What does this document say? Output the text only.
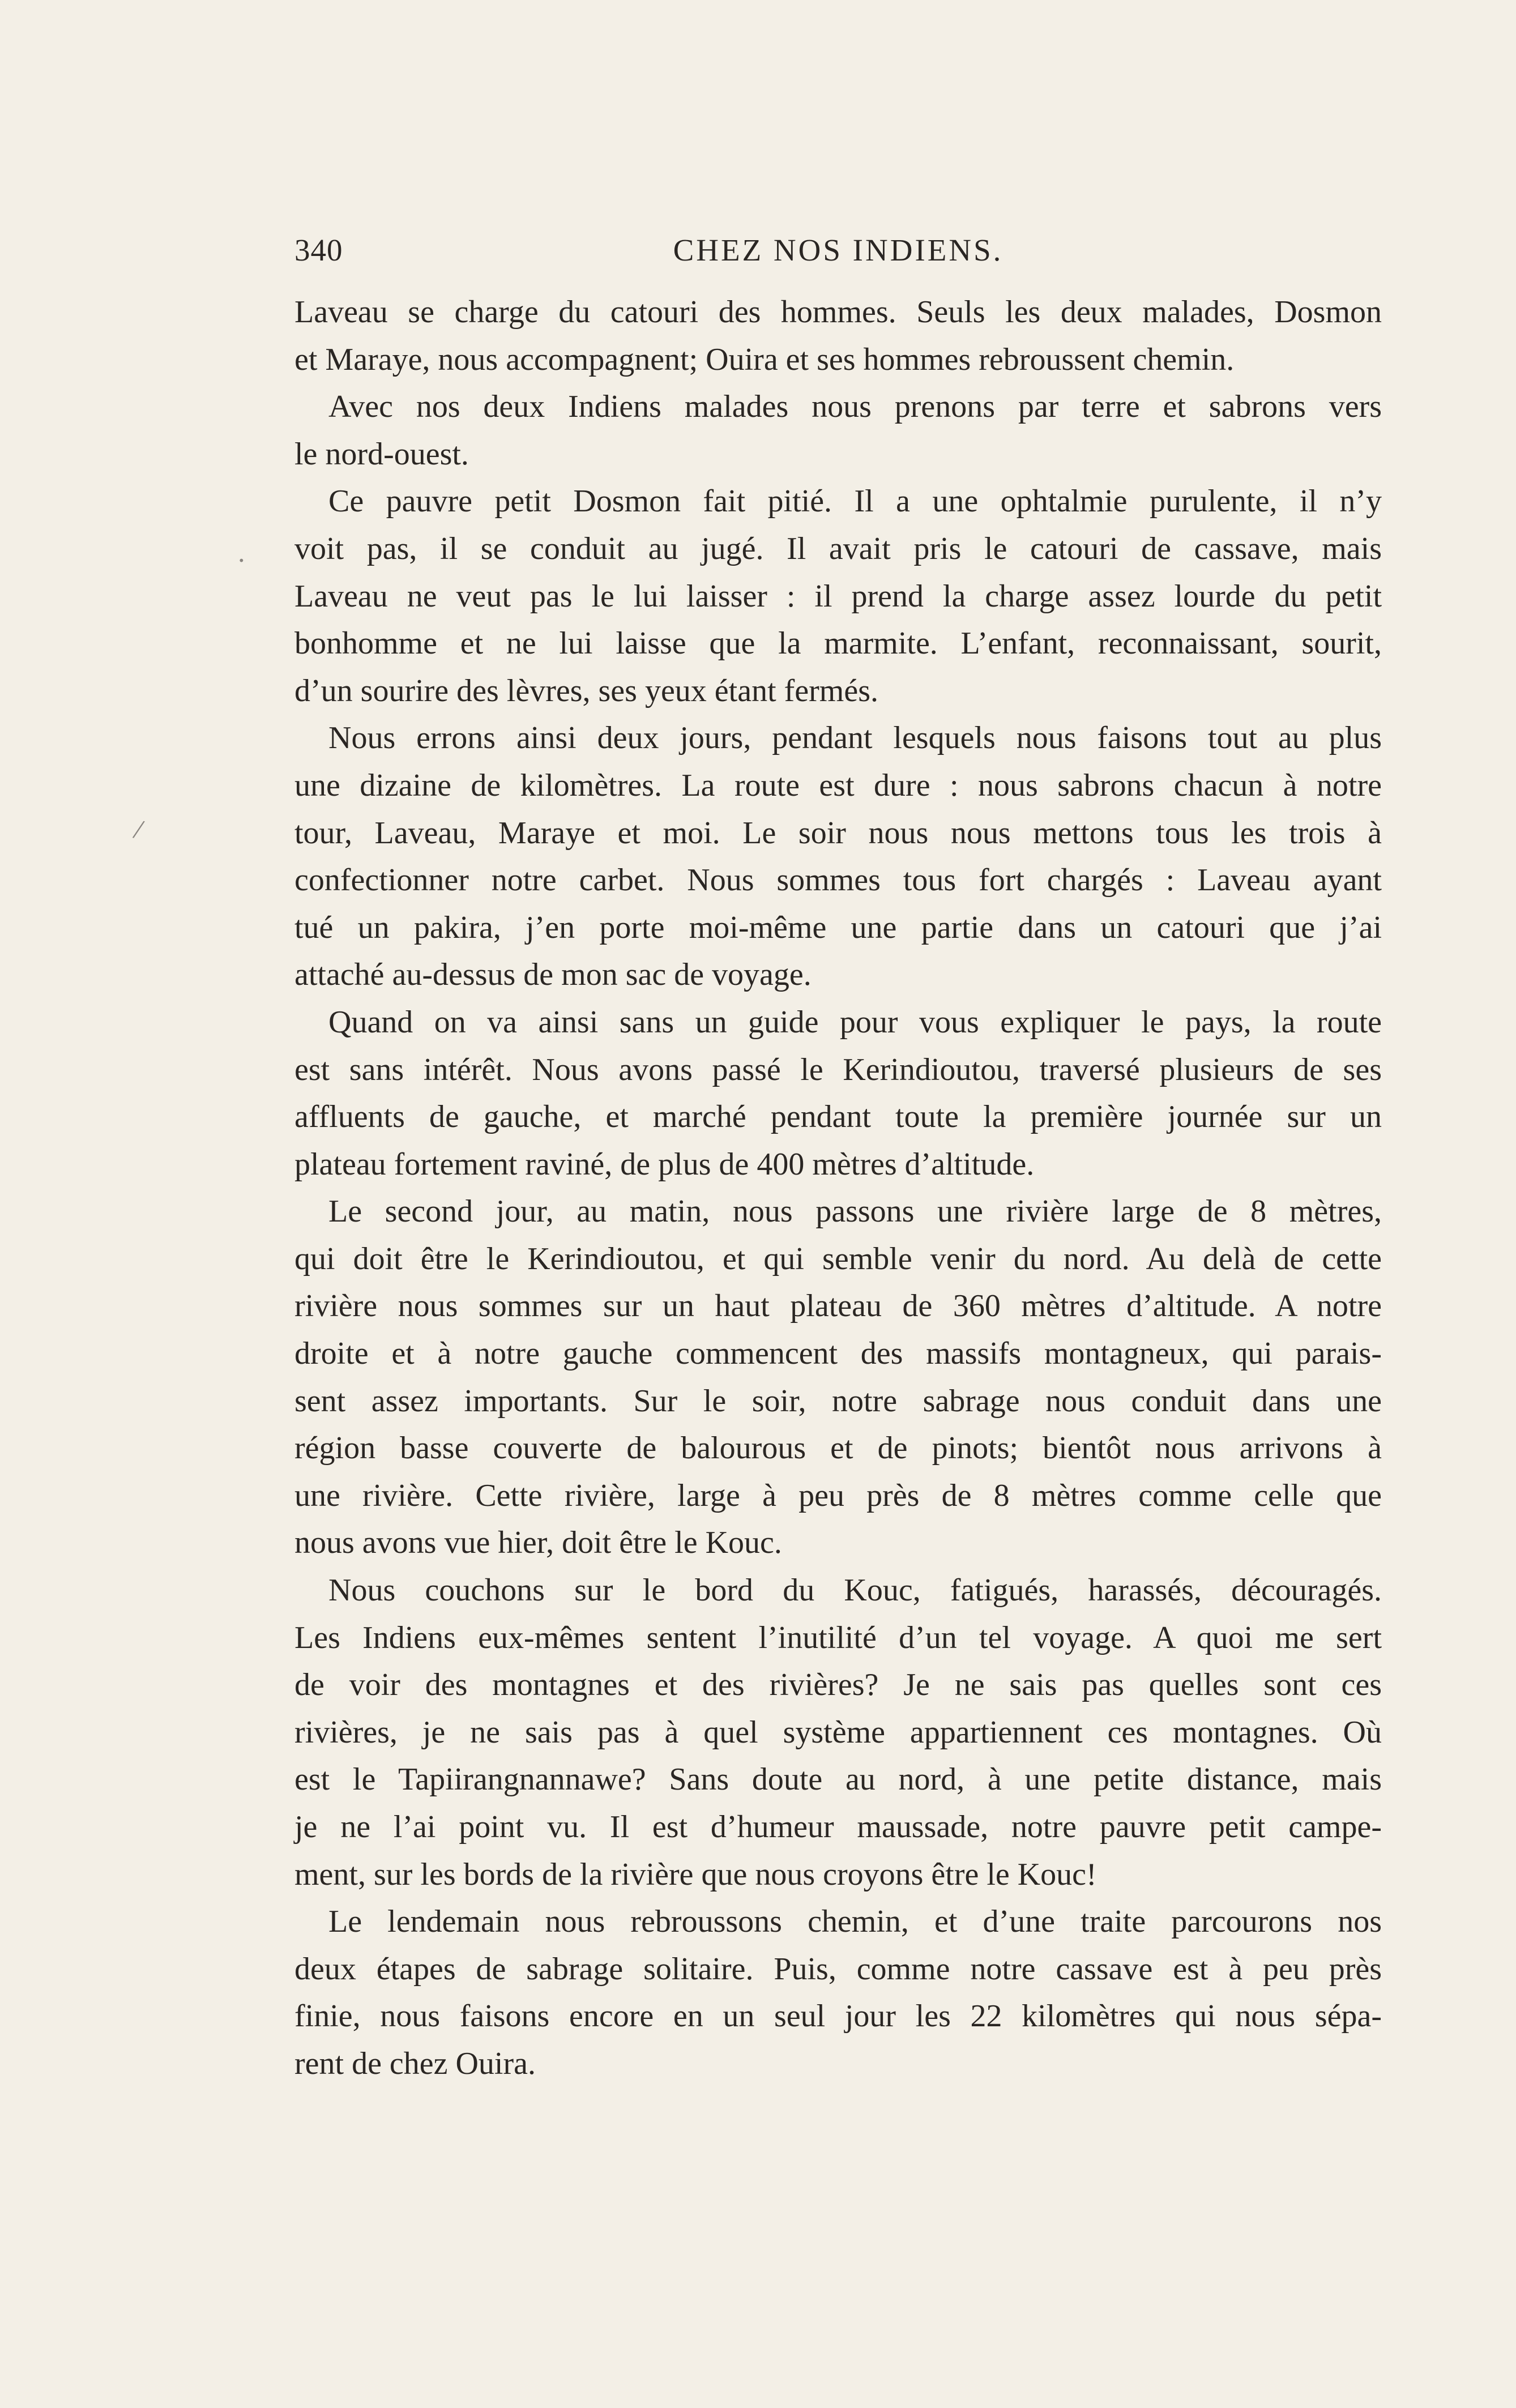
340	CHEZ NOS INDIENS.
·
/
Laveau se charge du catouri des hommes. Seuls les deux malades, Dosmon
et Maraye, nous accompagnent; Ouira et ses hommes rebroussent chemin.
Avec nos deux Indiens malades nous prenons par terre et sabrons vers
le nord-ouest.
Ce pauvre petit Dosmon fait pitié. Il a une ophtalmie purulente, il n’y
voit pas, il se conduit au jugé. Il avait pris le catouri de cassave, mais
Laveau ne veut pas le lui laisser : il prend la charge assez lourde du petit
bonhomme et ne lui laisse que la marmite. L’enfant, reconnaissant, sourit,
d’un sourire des lèvres, ses yeux étant fermés.
Nous errons ainsi deux jours, pendant lesquels nous faisons tout au plus
une dizaine de kilomètres. La route est dure : nous sabrons chacun à notre
tour, Laveau, Maraye et moi. Le soir nous nous mettons tous les trois à
confectionner notre carbet. Nous sommes tous fort chargés : Laveau ayant
tué un pakira, j’en porte moi-même une partie dans un catouri que j’ai
attaché au-dessus de mon sac de voyage.
Quand on va ainsi sans un guide pour vous expliquer le pays, la route
est sans intérêt. Nous avons passé le Kerindioutou, traversé plusieurs de ses
affluents de gauche, et marché pendant toute la première journée sur un
plateau fortement raviné, de plus de 400 mètres d’altitude.
Le second jour, au matin, nous passons une rivière large de 8 mètres,
qui doit être le Kerindioutou, et qui semble venir du nord. Au delà de cette
rivière nous sommes sur un haut plateau de 360 mètres d’altitude. A notre
droite et à notre gauche commencent des massifs montagneux, qui parais-
sent assez importants. Sur le soir, notre sabrage nous conduit dans une
région basse couverte de balourous et de pinots; bientôt nous arrivons à
une rivière. Cette rivière, large à peu près de 8 mètres comme celle que
nous avons vue hier, doit être le Kouc.
Nous couchons sur le bord du Kouc, fatigués, harassés, découragés.
Les Indiens eux-mêmes sentent l’inutilité d’un tel voyage. A quoi me sert
de voir des montagnes et des rivières? Je ne sais pas quelles sont ces
rivières, je ne sais pas à quel système appartiennent ces montagnes. Où
est le Tapiirangnannawe? Sans doute au nord, à une petite distance, mais
je ne l’ai point vu. Il est d’humeur maussade, notre pauvre petit campe-
ment, sur les bords de la rivière que nous croyons être le Kouc!
Le lendemain nous rebroussons chemin, et d’une traite parcourons nos
deux étapes de sabrage solitaire. Puis, comme notre cassave est à peu près
finie, nous faisons encore en un seul jour les 22 kilomètres qui nous sépa-
rent de chez Ouira.
